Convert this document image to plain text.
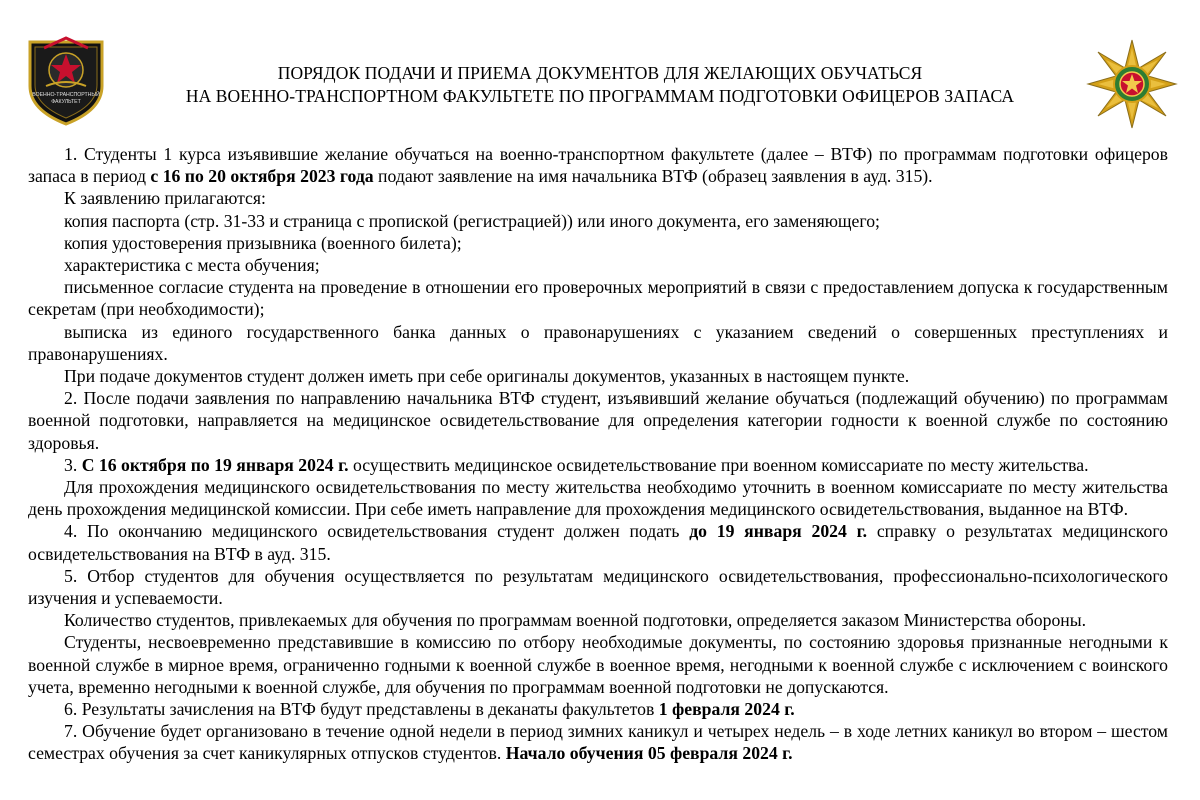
ВОЕННО-ТРАНСПОРТНЫЙ
ФАКУЛЬТЕТ
ПОРЯДОК ПОДАЧИ И ПРИЕМА ДОКУМЕНТОВ ДЛЯ ЖЕЛАЮЩИХ ОБУЧАТЬСЯ
НА ВОЕННО-ТРАНСПОРТНОМ ФАКУЛЬТЕТЕ ПО ПРОГРАММАМ ПОДГОТОВКИ ОФИЦЕРОВ ЗАПАСА

1. Студенты 1 курса изъявившие желание обучаться на военно-транспортном факультете (далее – ВТФ) по программам подготовки офицеров запаса в период с 16 по 20 октября 2023 года подают заявление на имя начальника ВТФ (образец заявления в ауд. 315).

К заявлению прилагаются:

копия паспорта (стр. 31-33 и страница с пропиской (регистрацией)) или иного документа, его заменяющего;

копия удостоверения призывника (военного билета);

характеристика с места обучения;

письменное согласие студента на проведение в отношении его проверочных мероприятий в связи с предоставлением допуска к государственным секретам (при необходимости);

выписка из единого государственного банка данных о правонарушениях с указанием сведений о совершенных преступлениях и правонарушениях.

При подаче документов студент должен иметь при себе оригиналы документов, указанных в настоящем пункте.

2. После подачи заявления по направлению начальника ВТФ студент, изъявивший желание обучаться (подлежащий обучению) по программам военной подготовки, направляется на медицинское освидетельствование для определения категории годности к военной службе по состоянию здоровья.

3. С 16 октября по 19 января 2024 г. осуществить медицинское освидетельствование при военном комиссариате по месту жительства.

Для прохождения медицинского освидетельствования по месту жительства необходимо уточнить в военном комиссариате по месту жительства день прохождения медицинской комиссии. При себе иметь направление для прохождения медицинского освидетельствования, выданное на ВТФ.

4. По окончанию медицинского освидетельствования студент должен подать до 19 января 2024 г. справку о результатах медицинского освидетельствования на ВТФ в ауд. 315.

5. Отбор студентов для обучения осуществляется по результатам медицинского освидетельствования, профессионально-психологического изучения и успеваемости.

Количество студентов, привлекаемых для обучения по программам военной подготовки, определяется заказом Министерства обороны.

Студенты, несвоевременно представившие в комиссию по отбору необходимые документы, по состоянию здоровья признанные негодными к военной службе в мирное время, ограниченно годными к военной службе в военное время, негодными к военной службе с исключением с воинского учета, временно негодными к военной службе, для обучения по программам военной подготовки не допускаются.

6. Результаты зачисления на ВТФ будут представлены в деканаты факультетов 1 февраля 2024 г.

7. Обучение будет организовано в течение одной недели в период зимних каникул и четырех недель – в ходе летних каникул во втором – шестом семестрах обучения за счет каникулярных отпусков студентов. Начало обучения 05 февраля 2024 г.
